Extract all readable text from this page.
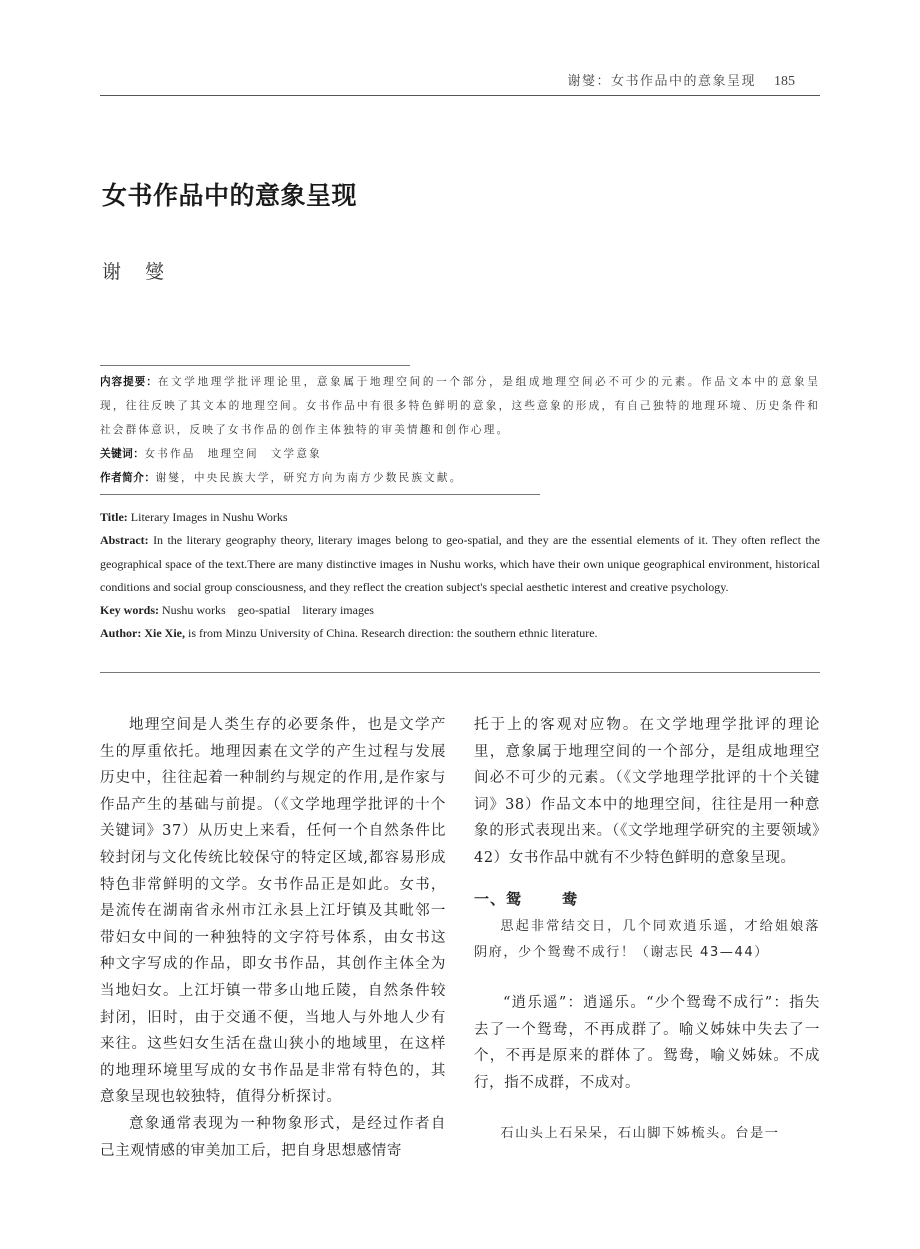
谢燮：女书作品中的意象呈现 185
女书作品中的意象呈现
谢燮

内容提要：在文学地理学批评理论里，意象属于地理空间的一个部分，是组成地理空间必不可少的元素。作品文本中的意象呈现，往往反映了其文本的地理空间。女书作品中有很多特色鲜明的意象，这些意象的形成，有自己独特的地理环境、历史条件和社会群体意识，反映了女书作品的创作主体独特的审美情趣和创作心理。

关键词：女书作品 地理空间 文学意象

作者简介：谢燮，中央民族大学，研究方向为南方少数民族文献。

Title: Literary Images in Nushu Works

Abstract: In the literary geography theory, literary images belong to geo-spatial, and they are the essential elements of it. They often reflect the geographical space of the text.There are many distinctive images in Nushu works, which have their own unique geographical environment, historical conditions and social group consciousness, and they reflect the creation subject's special aesthetic interest and creative psychology.

Key words: Nushu works geo-spatial literary images

Author: Xie Xie, is from Minzu University of China. Research direction: the southern ethnic literature.

地理空间是人类生存的必要条件，也是文学产生的厚重依托。地理因素在文学的产生过程与发展历史中，往往起着一种制约与规定的作用,是作家与作品产生的基础与前提。（《文学地理学批评的十个关键词》37）从历史上来看，任何一个自然条件比较封闭与文化传统比较保守的特定区域,都容易形成特色非常鲜明的文学。女书作品正是如此。女书，是流传在湖南省永州市江永县上江圩镇及其毗邻一带妇女中间的一种独特的文字符号体系，由女书这种文字写成的作品，即女书作品，其创作主体全为当地妇女。上江圩镇一带多山地丘陵，自然条件较封闭，旧时，由于交通不便，当地人与外地人少有来往。这些妇女生活在盘山狭小的地域里，在这样的地理环境里写成的女书作品是非常有特色的，其意象呈现也较独特，值得分析探讨。

意象通常表现为一种物象形式，是经过作者自己主观情感的审美加工后，把自身思想感情寄

托于上的客观对应物。在文学地理学批评的理论里，意象属于地理空间的一个部分，是组成地理空间必不可少的元素。（《文学地理学批评的十个关键词》38）作品文本中的地理空间，往往是用一种意象的形式表现出来。（《文学地理学研究的主要领域》42）女书作品中就有不少特色鲜明的意象呈现。

一、鸳	鸯

思起非常结交日，几个同欢逍乐遥，才给姐娘落阴府，少个鸳鸯不成行！（谢志民 43—44）

“逍乐遥”：逍遥乐。“少个鸳鸯不成行”：指失去了一个鸳鸯，不再成群了。喻义姊妹中失去了一个，不再是原来的群体了。鸳鸯，喻义姊妹。不成行，指不成群，不成对。

石山头上石呆呆，石山脚下姊梳头。台是一
